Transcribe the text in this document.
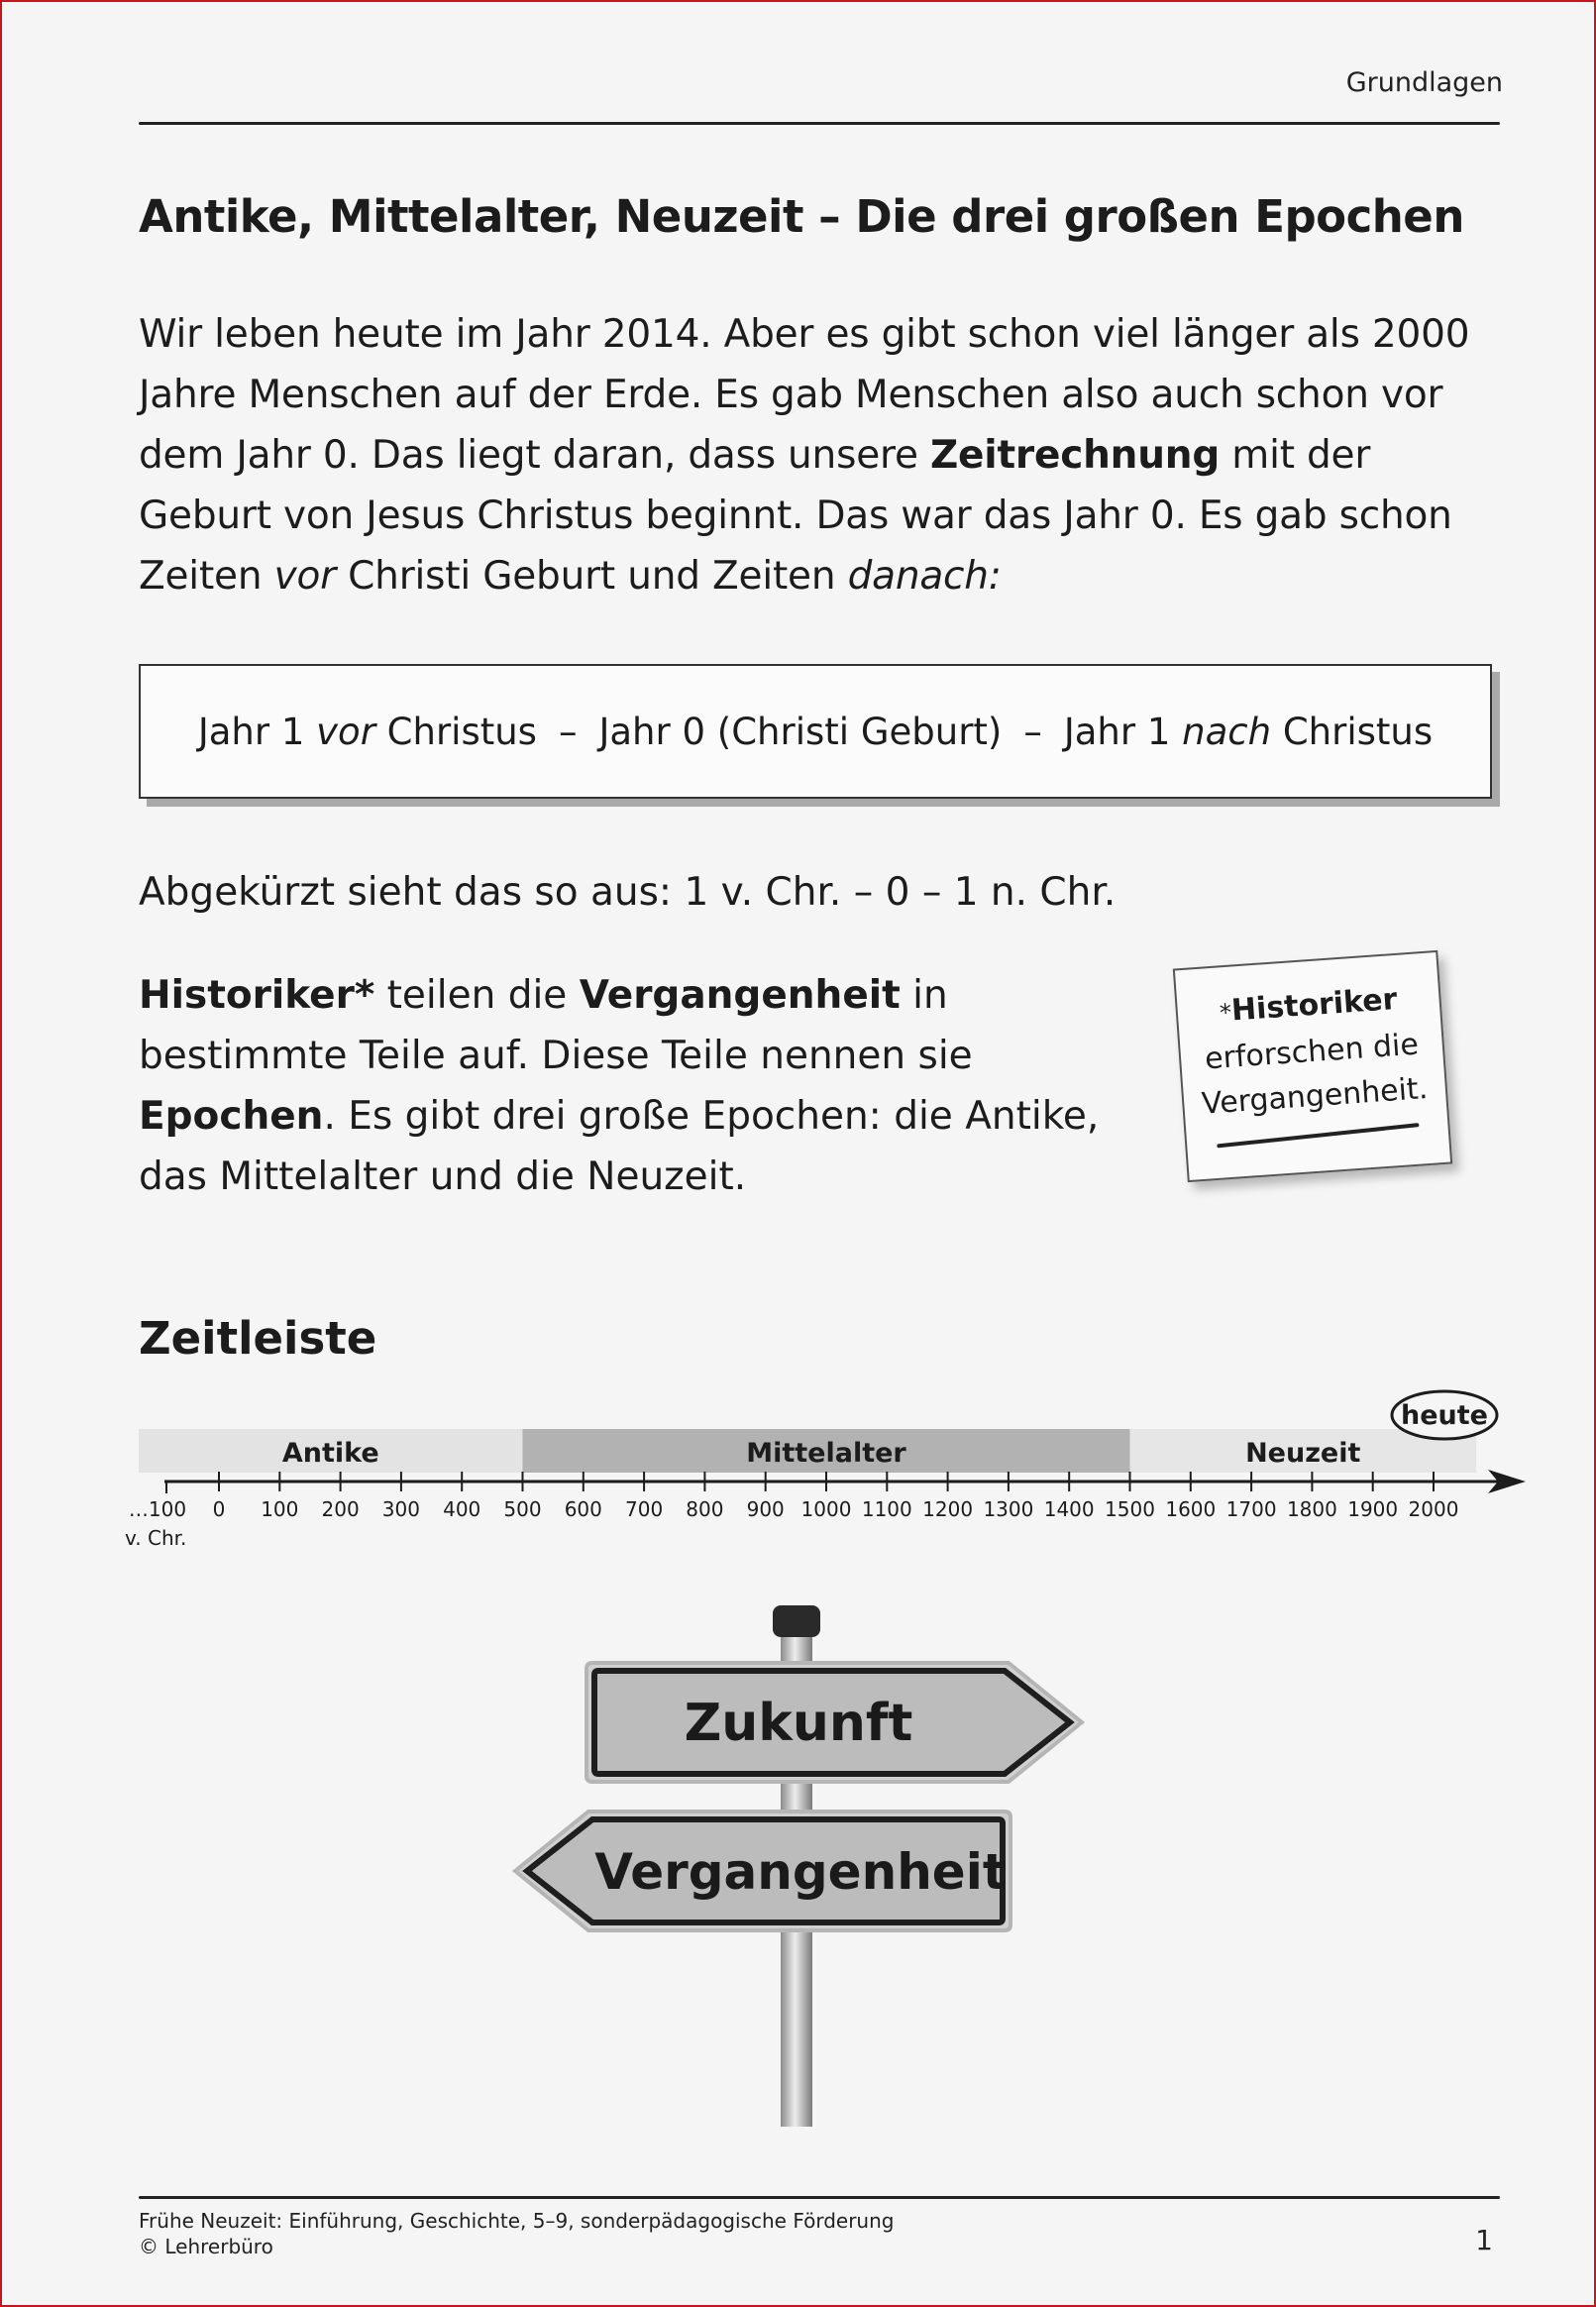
Grundlagen
Antike, Mittelalter, Neuzeit – Die drei großen Epochen
Wir leben heute im Jahr 2014. Aber es gibt schon viel länger als 2000 Jahre Menschen auf der Erde. Es gab Menschen also auch schon vor dem Jahr 0. Das liegt daran, dass unsere Zeitrechnung mit der Geburt von Jesus Christus beginnt. Das war das Jahr 0. Es gab schon Zeiten vor Christi Geburt und Zeiten danach:
Jahr 1 vor Christus – Jahr 0 (Christi Geburt) – Jahr 1 nach Christus
Abgekürzt sieht das so aus: 1 v. Chr. – 0 – 1 n. Chr.
Historiker* teilen die Vergangenheit in bestimmte Teile auf. Diese Teile nennen sie Epochen. Es gibt drei große Epochen: die Antike, das Mittelalter und die Neuzeit.
*Historiker
erforschen die
Vergangenheit.
Zeitleiste
Antike	Mittelalter	Neuzeit
…100 0 100 200 300 400 500 600 700 800 900 1000 1100 1200 1300 1400 1500 1600 1700 1800 1900 2000
v. Chr.
heute
Zukunft
Vergangenheit
Frühe Neuzeit: Einführung, Geschichte, 5–9, sonderpädagogische Förderung
© Lehrerbüro	1
